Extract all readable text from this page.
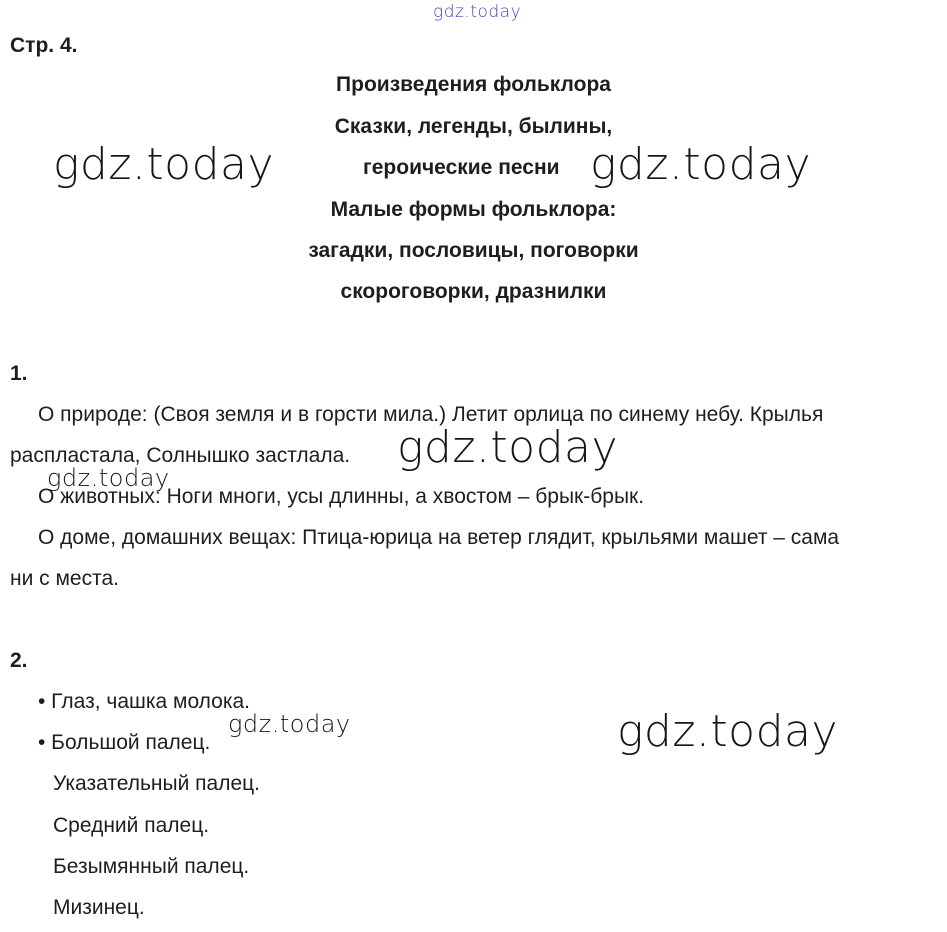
gdz.today
Стр. 4.
Произведения фольклора
Сказки, легенды, былины,
героические песни
Малые формы фольклора:
загадки, пословицы, поговорки
скороговорки, дразнилки
gdz.today	gdz.today
1.
О природе: (Своя земля и в горсти мила.) Летит орлица по синему небу. Крылья
распластала, Солнышко застлала. gdz.today
gdz.today
О животных: Ноги многи, усы длинны, а хвостом – брык-брык.
О доме, домашних вещах: Птица-юрица на ветер глядит, крыльями машет – сама
ни с места.
2.
• Глаз, чашка молока.
• Большой палец.
Указательный палец.
Средний палец.
Безымянный палец.
Мизинец.
gdz.today	gdz.today
